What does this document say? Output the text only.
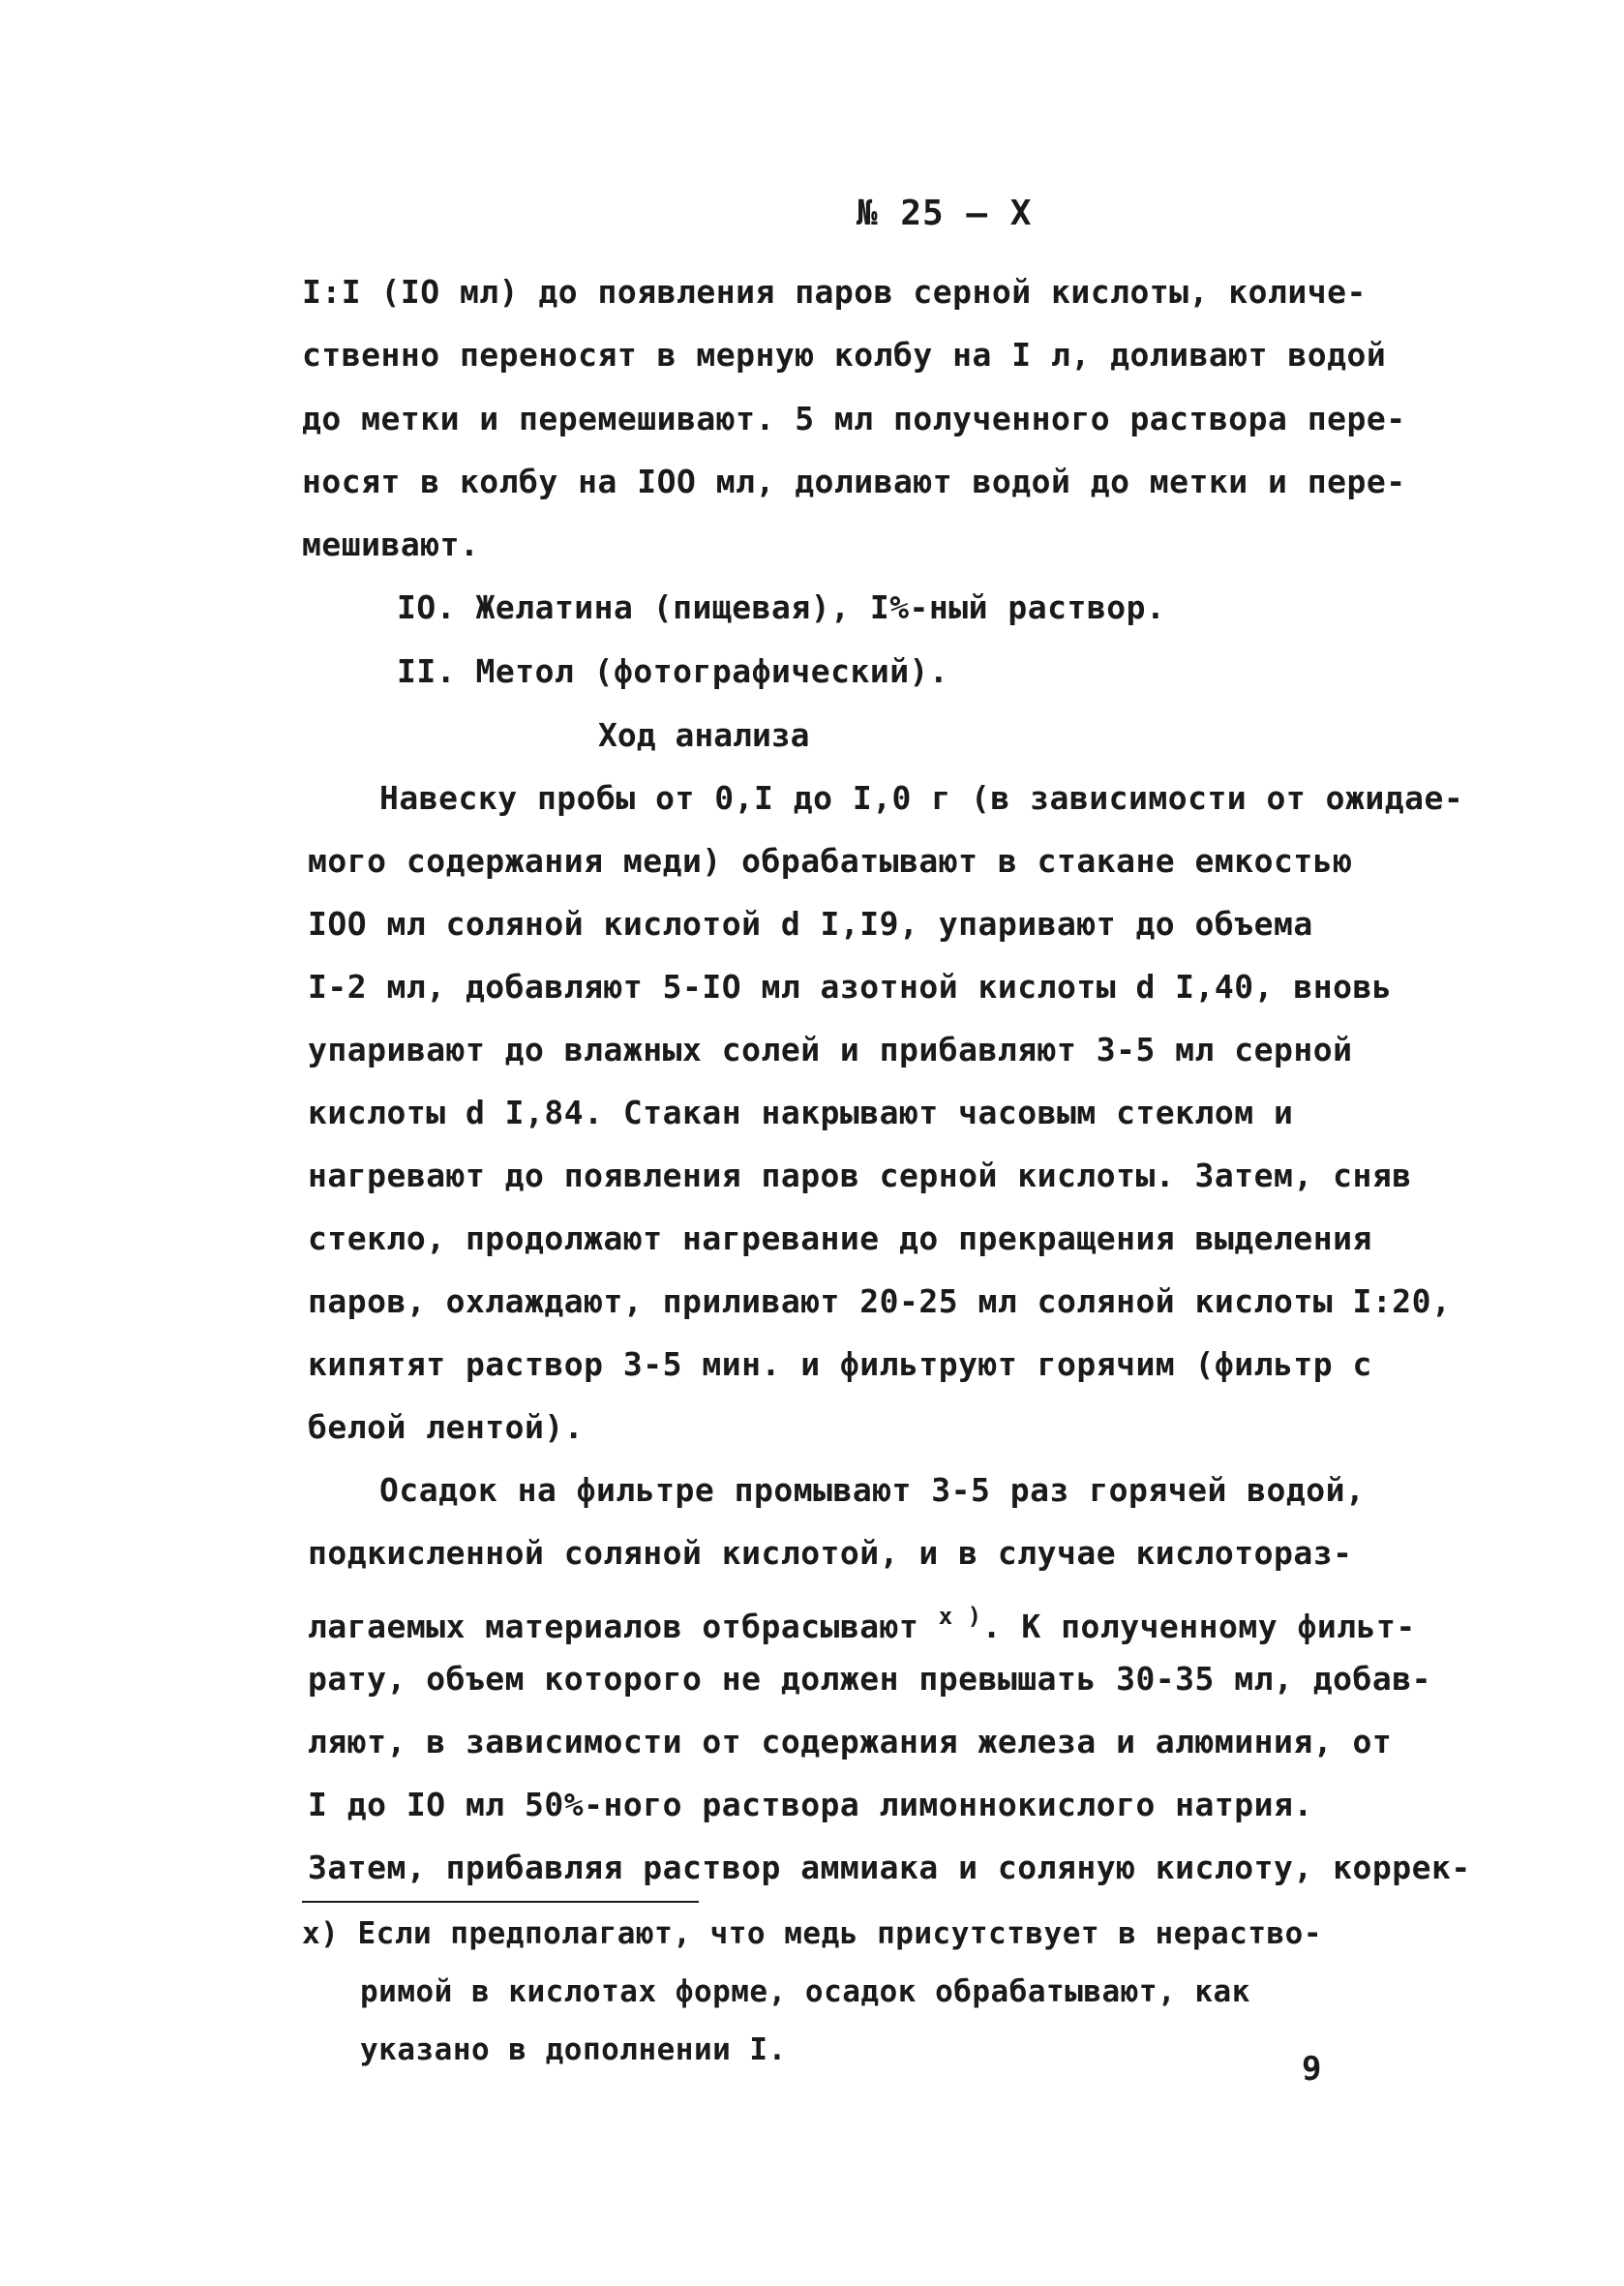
№ 25 – X
I:I (IO мл) до появления паров серной кислоты, количе-
ственно переносят в мерную колбу на I л, доливают водой
до метки и перемешивают. 5 мл полученного раствора пере-
носят в колбу на IOO мл, доливают водой до метки и пере-
мешивают.
IO. Желатина (пищевая), I%-ный раствор.
II. Метол (фотографический).
Ход анализа
Навеску пробы от 0,I до I,0 г (в зависимости от ожидае-
мого содержания меди) обрабатывают в стакане емкостью
IOO мл соляной кислотой d I,I9, упаривают до объема
I-2 мл, добавляют 5-IO мл азотной кислоты d I,40, вновь
упаривают до влажных солей и прибавляют 3-5 мл серной
кислоты d I,84. Стакан накрывают часовым стеклом и
нагревают до появления паров серной кислоты. Затем, сняв
стекло, продолжают нагревание до прекращения выделения
паров, охлаждают, приливают 20-25 мл соляной кислоты I:20,
кипятят раствор 3-5 мин. и фильтруют горячим (фильтр с
белой лентой).
Осадок на фильтре промывают 3-5 раз горячей водой,
подкисленной соляной кислотой, и в случае кислотораз-
лагаемых материалов отбрасывают $^{х )}$. К полученному фильт-
рату, объем которого не должен превышать 30-35 мл, добав-
ляют, в зависимости от содержания железа и алюминия, от
I до IO мл 50%-ного раствора лимоннокислого натрия.
Затем, прибавляя раствор аммиака и соляную кислоту, коррек-
х) Если предполагают, что медь присутствует в нераство-
римой в кислотах форме, осадок обрабатывают, как
указано в дополнении I.	9
